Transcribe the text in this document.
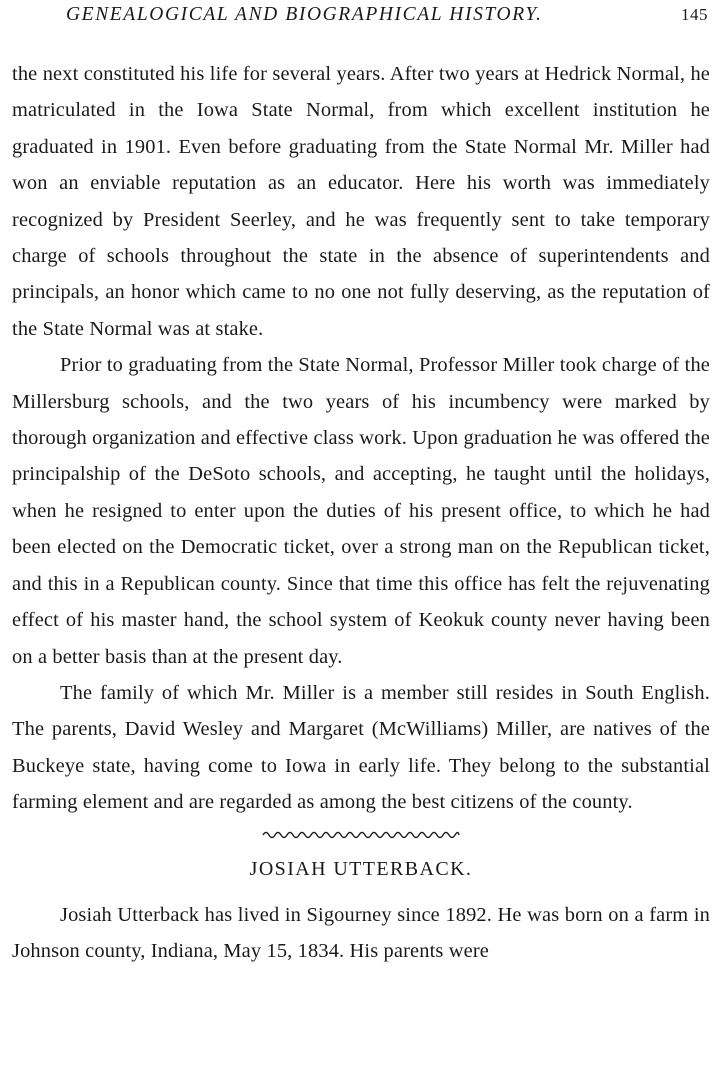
GENEALOGICAL AND BIOGRAPHICAL HISTORY.	145

the next constituted his life for several years. After two years at Hedrick Normal, he matriculated in the Iowa State Normal, from which excellent institution he graduated in 1901. Even before graduating from the State Normal Mr. Miller had won an enviable reputation as an educator. Here his worth was immediately recognized by President Seerley, and he was frequently sent to take temporary charge of schools throughout the state in the absence of superintendents and principals, an honor which came to no one not fully deserving, as the reputation of the State Normal was at stake.

Prior to graduating from the State Normal, Professor Miller took charge of the Millersburg schools, and the two years of his incumbency were marked by thorough organization and effective class work. Upon graduation he was offered the principalship of the DeSoto schools, and accepting, he taught until the holidays, when he resigned to enter upon the duties of his present office, to which he had been elected on the Democratic ticket, over a strong man on the Republican ticket, and this in a Republican county. Since that time this office has felt the rejuvenating effect of his master hand, the school system of Keokuk county never having been on a better basis than at the present day.

The family of which Mr. Miller is a member still resides in South English. The parents, David Wesley and Margaret (McWilliams) Miller, are natives of the Buckeye state, having come to Iowa in early life. They belong to the substantial farming element and are regarded as among the best citizens of the county.

JOSIAH UTTERBACK.

Josiah Utterback has lived in Sigourney since 1892. He was born on a farm in Johnson county, Indiana, May 15, 1834. His parents were
